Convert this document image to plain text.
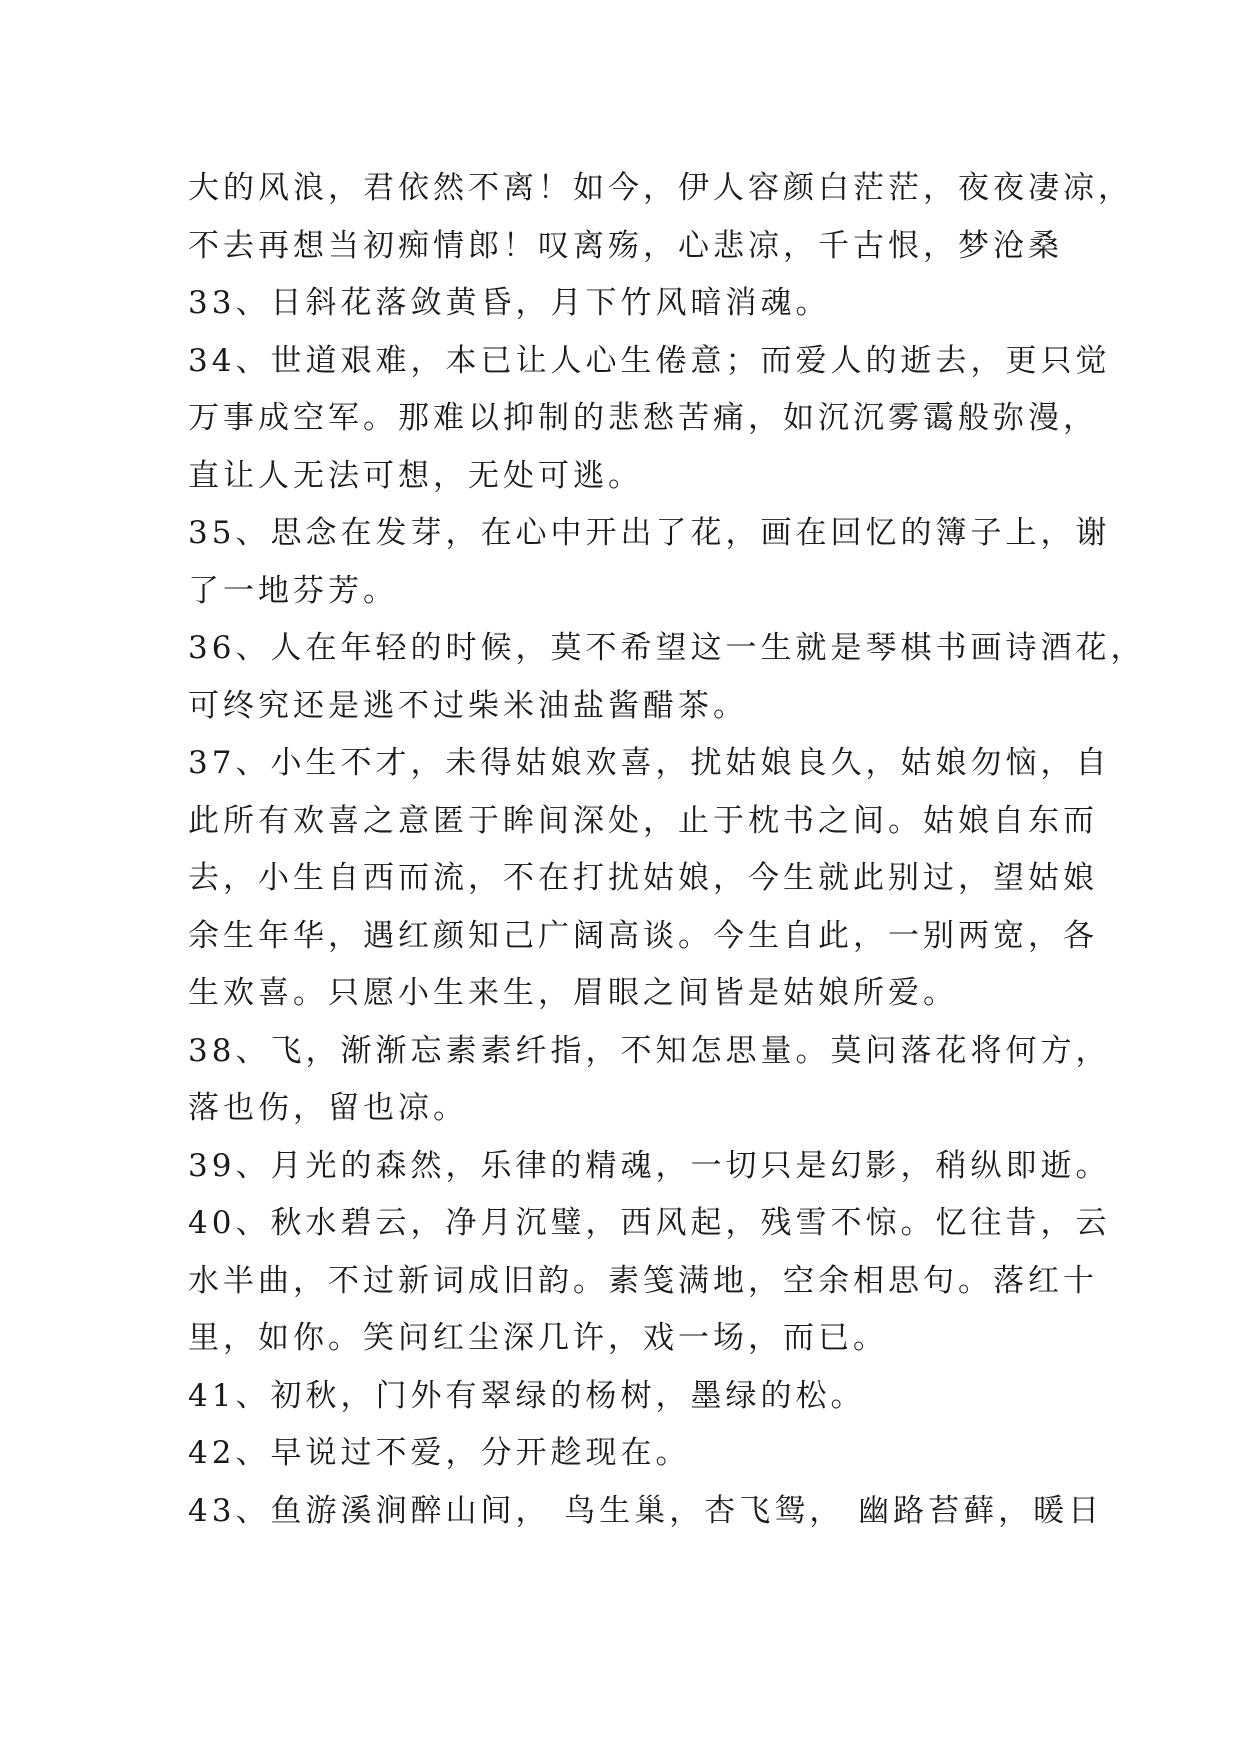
大的风浪，君依然不离！如今，伊人容颜白茫茫，夜夜凄凉，
不去再想当初痴情郎！叹离殇，心悲凉，千古恨，梦沧桑
33、日斜花落敛黄昏，月下竹风暗消魂。
34、世道艰难，本已让人心生倦意；而爱人的逝去，更只觉
万事成空军。那难以抑制的悲愁苦痛，如沉沉雾霭般弥漫，
直让人无法可想，无处可逃。
35、思念在发芽，在心中开出了花，画在回忆的簿子上，谢
了一地芬芳。
36、人在年轻的时候，莫不希望这一生就是琴棋书画诗酒花，
可终究还是逃不过柴米油盐酱醋茶。
37、小生不才，未得姑娘欢喜，扰姑娘良久，姑娘勿恼，自
此所有欢喜之意匿于眸间深处，止于枕书之间。姑娘自东而
去，小生自西而流，不在打扰姑娘，今生就此别过，望姑娘
余生年华，遇红颜知己广阔高谈。今生自此，一别两宽，各
生欢喜。只愿小生来生，眉眼之间皆是姑娘所爱。
38、飞，渐渐忘素素纤指，不知怎思量。莫问落花将何方，
落也伤，留也凉。
39、月光的森然，乐律的精魂，一切只是幻影，稍纵即逝。
40、秋水碧云，净月沉璧，西风起，残雪不惊。忆往昔，云
水半曲，不过新词成旧韵。素笺满地，空余相思句。落红十
里，如你。笑问红尘深几许，戏一场，而已。
41、初秋，门外有翠绿的杨树，墨绿的松。
42、早说过不爱，分开趁现在。
43、鱼游溪涧醉山间， 鸟生巢，杏飞鸳， 幽路苔藓，暖日
